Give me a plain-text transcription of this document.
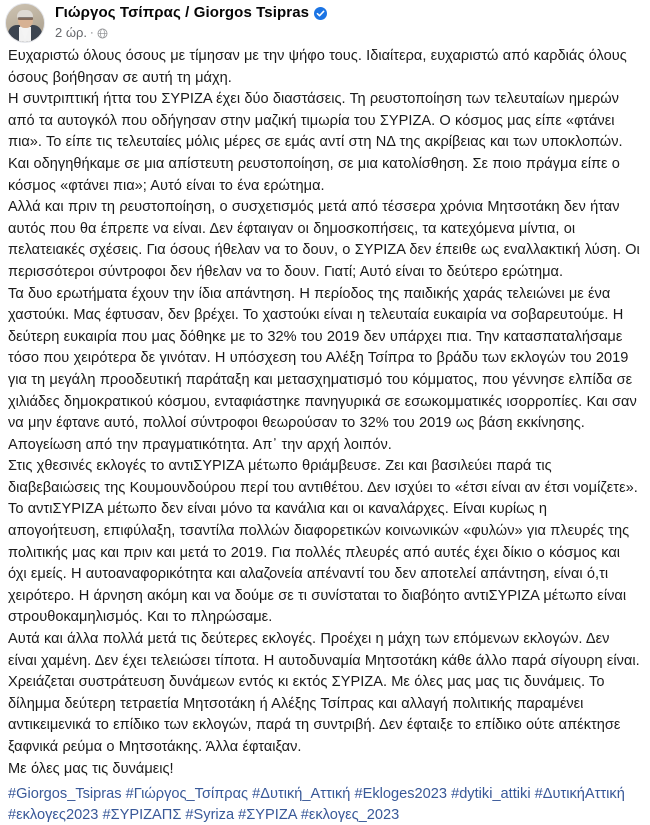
Γιώργος Τσίπρας / Giorgos Tsipras
2 ώρ. ·
Ευχαριστώ όλους όσους με τίμησαν με την ψήφο τους. Ιδιαίτερα, ευχαριστώ από καρδιάς όλους όσους βοήθησαν σε αυτή τη μάχη.
Η συντριπτική ήττα του ΣΥΡΙΖΑ έχει δύο διαστάσεις. Τη ρευστοποίηση των τελευταίων ημερών από τα αυτογκόλ που οδήγησαν στην μαζική τιμωρία του ΣΥΡΙΖΑ. Ο κόσμος μας είπε «φτάνει πια». Το είπε τις τελευταίες μόλις μέρες σε εμάς αντί στη ΝΔ της ακρίβειας και των υποκλοπών. Και οδηγηθήκαμε σε μια απίστευτη ρευστοποίηση, σε μια κατολίσθηση. Σε ποιο πράγμα είπε ο κόσμος «φτάνει πια»; Αυτό είναι το ένα ερώτημα.
Αλλά και πριν τη ρευστοποίηση, ο συσχετισμός μετά από τέσσερα χρόνια Μητσοτάκη δεν ήταν αυτός που θα έπρεπε να είναι. Δεν έφταιγαν οι δημοσκοπήσεις, τα κατεχόμενα μίντια, οι πελατειακές σχέσεις. Για όσους ήθελαν να το δουν, ο ΣΥΡΙΖΑ δεν έπειθε ως εναλλακτική λύση. Οι περισσότεροι σύντροφοι δεν ήθελαν να το δουν. Γιατί; Αυτό είναι το δεύτερο ερώτημα.
Τα δυο ερωτήματα έχουν την ίδια απάντηση. Η περίοδος της παιδικής χαράς τελειώνει με ένα χαστούκι. Μας έφτυσαν, δεν βρέχει. Το χαστούκι είναι η τελευταία ευκαιρία να σοβαρευτούμε. Η δεύτερη ευκαιρία που μας δόθηκε με το 32% του 2019 δεν υπάρχει πια. Την κατασπαταλήσαμε τόσο που χειρότερα δε γινόταν. Η υπόσχεση του Αλέξη Τσίπρα το βράδυ των εκλογών του 2019 για τη μεγάλη προοδευτική παράταξη και μετασχηματισμό του κόμματος, που γέννησε ελπίδα σε χιλιάδες δημοκρατικού κόσμου, ενταφιάστηκε πανηγυρικά σε εσωκομματικές ισορροπίες. Και σαν να μην έφτανε αυτό, πολλοί σύντροφοι θεωρούσαν το 32% του 2019 ως βάση εκκίνησης. Απογείωση από την πραγματικότητα. Απ᾽ την αρχή λοιπόν.
Στις χθεσινές εκλογές το αντιΣΥΡΙΖΑ μέτωπο θριάμβευσε. Ζει και βασιλεύει παρά τις διαβεβαιώσεις της Κουμουνδούρου περί του αντιθέτου. Δεν ισχύει το «έτσι είναι αν έτσι νομίζετε». Το αντιΣΥΡΙΖΑ μέτωπο δεν είναι μόνο τα κανάλια και οι καναλάρχες. Είναι κυρίως η απογοήτευση, επιφύλαξη, τσαντίλα πολλών διαφορετικών κοινωνικών «φυλών» για πλευρές της πολιτικής μας και πριν και μετά το 2019. Για πολλές πλευρές από αυτές έχει δίκιο ο κόσμος και όχι εμείς. Η αυτοαναφορικότητα και αλαζονεία απέναντί του δεν αποτελεί απάντηση, είναι ό,τι χειρότερο. Η άρνηση ακόμη και να δούμε σε τι συνίσταται το διαβόητο αντιΣΥΡΙΖΑ μέτωπο είναι στρουθοκαμηλισμός. Και το πληρώσαμε.
Αυτά και άλλα πολλά μετά τις δεύτερες εκλογές. Προέχει η μάχη των επόμενων εκλογών. Δεν είναι χαμένη. Δεν έχει τελειώσει τίποτα. Η αυτοδυναμία Μητσοτάκη κάθε άλλο παρά σίγουρη είναι. Χρειάζεται συστράτευση δυνάμεων εντός κι εκτός ΣΥΡΙΖΑ. Με όλες μας μας τις δυνάμεις. Το δίλημμα δεύτερη τετραετία Μητσοτάκη ή Αλέξης Τσίπρας και αλλαγή πολιτικής παραμένει αντικειμενικά το επίδικο των εκλογών, παρά τη συντριβή. Δεν έφταιξε το επίδικο ούτε απέκτησε ξαφνικά ρεύμα ο Μητσοτάκης. Άλλα έφταιξαν.
Με όλες μας τις δυνάμεις!
#Giorgos_Tsipras #Γιώργος_Τσίπρας #Δυτική_Αττική #Ekloges2023 #dytiki_attiki #ΔυτικήΑττική #εκλογες2023 #ΣΥΡΙΖΑΠΣ #Syriza #ΣΥΡΙΖΑ #εκλογες_2023
